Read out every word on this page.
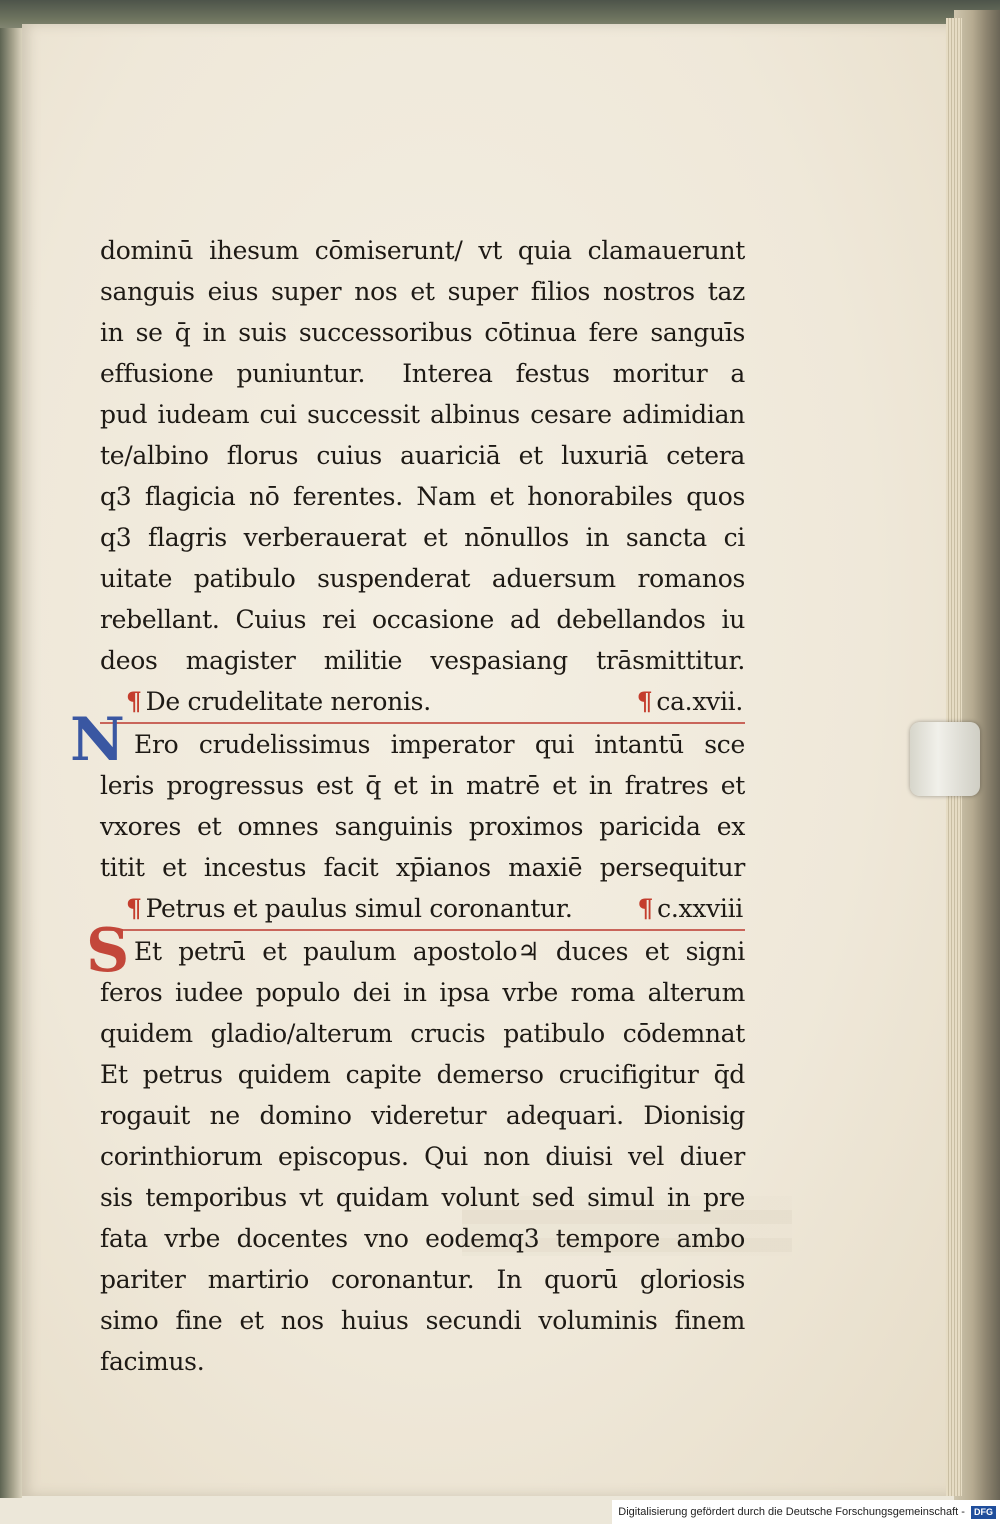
dominū ihesum cōmiserunt/ vt quia clamauerunt
sanguis eius super nos et super filios nostros taz
in se q̄ in suis successoribus cōtinua fere sanguīs
effusione puniuntur. Interea festus moritur a
pud iudeam cui successit albinus cesare adimidian
te/albino florus cuius auariciā et luxuriā cetera
q3 flagicia nō ferentes. Nam et honorabiles quos
q3 flagris verberauerat et nōnullos in sancta ci
uitate patibulo suspenderat aduersum romanos
rebellant. Cuius rei occasione ad debellandos iu
deos magister militie vespasiang trāsmittitur.
¶ De crudelitate neronis.	¶ ca.xvii.
N Ero crudelissimus imperator qui intantū sce
leris progressus est q̄ et in matrē et in fratres et
vxores et omnes sanguinis proximos paricida ex
titit et incestus facit xp̄ianos maxiē persequitur
¶ Petrus et paulus simul coronantur.	¶ c.xxviii
S Et petrū et paulum apostolo♃ duces et signi
feros iudee populo dei in ipsa vrbe roma alterum
quidem gladio/alterum crucis patibulo cōdemnat
Et petrus quidem capite demerso crucifigitur q̄d
rogauit ne domino videretur adequari. Dionisig
corinthiorum episcopus. Qui non diuisi vel diuer
sis temporibus vt quidam volunt sed simul in pre
fata vrbe docentes vno eodemq3 tempore ambo
pariter martirio coronantur. In quorū gloriosis
simo fine et nos huius secundi voluminis finem
facimus.
Digitalisierung gefördert durch die Deutsche Forschungsgemeinschaft - DFG
